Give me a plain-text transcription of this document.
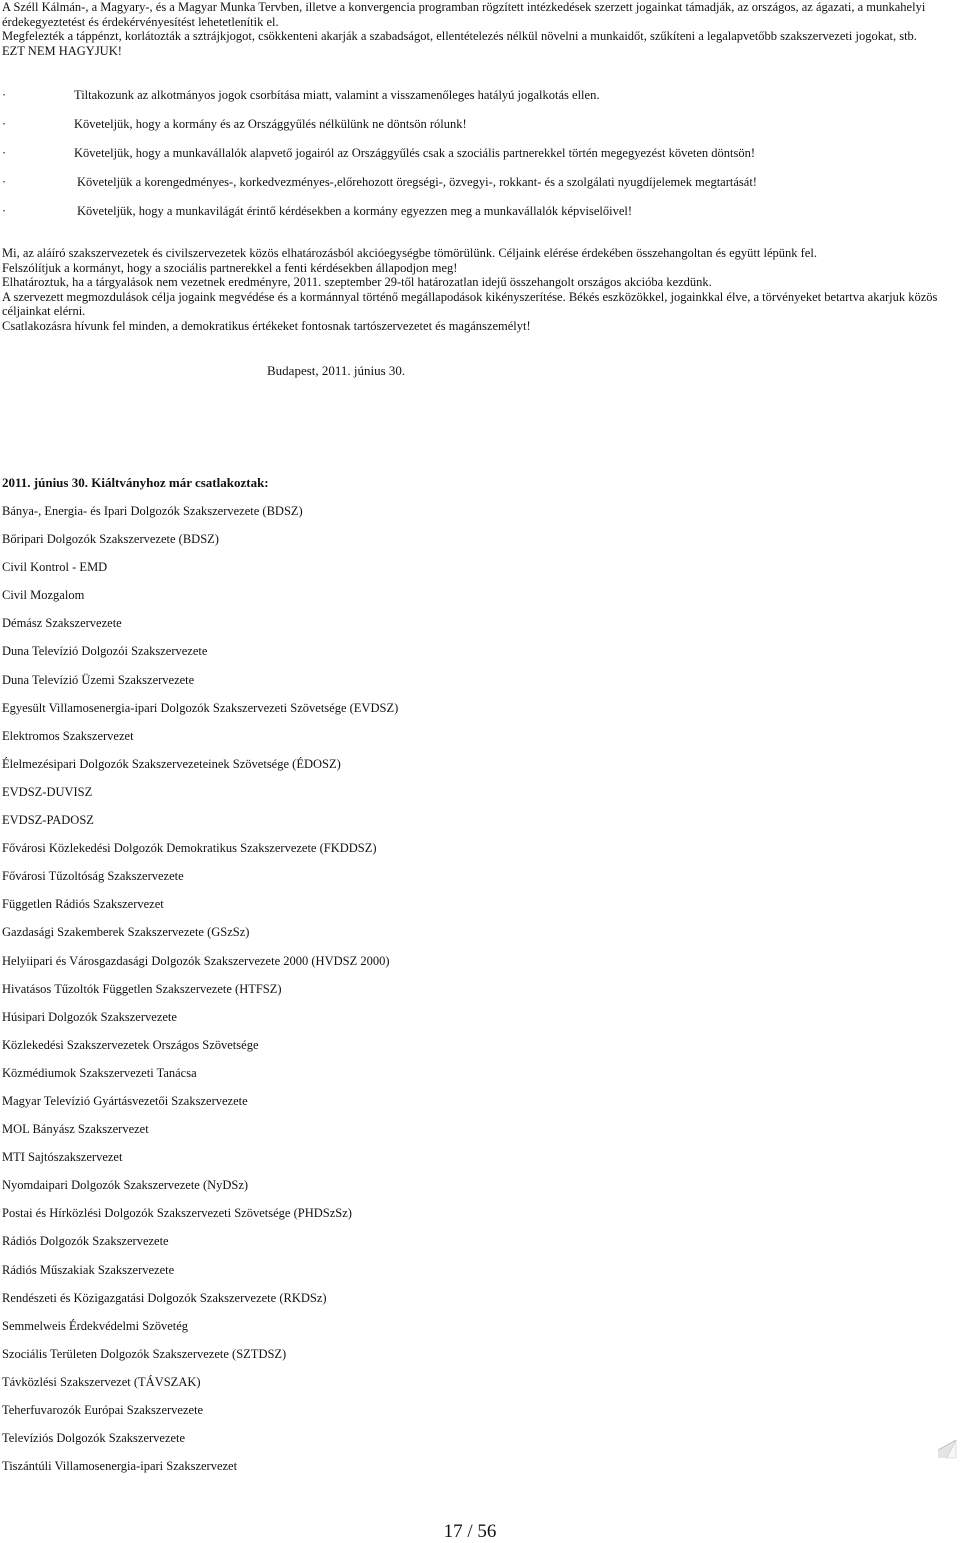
A Széll Kálmán-, a Magyary-, és a Magyar Munka Tervben, illetve a konvergencia programban rögzített intézkedések szerzett jogainkat támadják, az országos, az ágazati, a munkahelyi érdekegyeztetést és érdekérvényesítést lehetetlenítik el.

Megfelezték a táppénzt, korlátozták a sztrájkjogot, csökkenteni akarják a szabadságot, ellentételezés nélkül növelni a munkaidőt, szűkíteni a legalapvetőbb szakszervezeti jogokat, stb.

EZT NEM HAGYJUK!

·	Tiltakozunk az alkotmányos jogok csorbítása miatt, valamint a visszamenőleges hatályú jogalkotás ellen.
·	Követeljük, hogy a kormány és az Országgyűlés nélkülünk ne döntsön rólunk!
·	Követeljük, hogy a munkavállalók alapvető jogairól az Országgyűlés csak a szociális partnerekkel történ megegyezést követen döntsön!
·	Követeljük a korengedményes-, korkedvezményes-,előrehozott öregségi-, özvegyi-, rokkant- és a szolgálati nyugdíjelemek megtartását!
·	Követeljük, hogy a munkavilágát érintő kérdésekben a kormány egyezzen meg a munkavállalók képviselőivel!

Mi, az aláíró szakszervezetek és civilszervezetek közös elhatározásból akcióegységbe tömörülünk. Céljaink elérése érdekében összehangoltan és együtt lépünk fel.

Felszólítjuk a kormányt, hogy a szociális partnerekkel a fenti kérdésekben állapodjon meg!

Elhatároztuk, ha a tárgyalások nem vezetnek eredményre, 2011. szeptember 29-től határozatlan idejű összehangolt országos akcióba kezdünk.

A szervezett megmozdulások célja jogaink megvédése és a kormánnyal történő megállapodások kikényszerítése. Békés eszközökkel, jogainkkal élve, a törvényeket betartva akarjuk közös céljainkat elérni.

Csatlakozásra hívunk fel minden, a demokratikus értékeket fontosnak tartószervezetet és magánszemélyt!

Budapest, 2011. június 30.
2011. június 30. Kiáltványhoz már csatlakoztak:
Bánya-, Energia- és Ipari Dolgozók Szakszervezete (BDSZ)
Bőripari Dolgozók Szakszervezete (BDSZ)
Civil Kontrol - EMD
Civil Mozgalom
Démász Szakszervezete
Duna Televízió Dolgozói Szakszervezete
Duna Televízió Üzemi Szakszervezete
Egyesült Villamosenergia-ipari Dolgozók Szakszervezeti Szövetsége (EVDSZ)
Elektromos Szakszervezet
Élelmezésipari Dolgozók Szakszervezeteinek Szövetsége (ÉDOSZ)
EVDSZ-DUVISZ
EVDSZ-PADOSZ
Fővárosi Közlekedési Dolgozók Demokratikus Szakszervezete (FKDDSZ)
Fővárosi Tűzoltóság Szakszervezete
Független Rádiós Szakszervezet
Gazdasági Szakemberek Szakszervezete (GSzSz)
Helyiipari és Városgazdasági Dolgozók Szakszervezete 2000 (HVDSZ 2000)
Hivatásos Tűzoltók Független Szakszervezete (HTFSZ)
Húsipari Dolgozók Szakszervezete
Közlekedési Szakszervezetek Országos Szövetsége
Közmédiumok Szakszervezeti Tanácsa
Magyar Televízió Gyártásvezetői Szakszervezete
MOL Bányász Szakszervezet
MTI Sajtószakszervezet
Nyomdaipari Dolgozók Szakszervezete (NyDSz)
Postai és Hírközlési Dolgozók Szakszervezeti Szövetsége (PHDSzSz)
Rádiós Dolgozók Szakszervezete
Rádiós Műszakiak Szakszervezete
Rendészeti és Közigazgatási Dolgozók Szakszervezete (RKDSz)
Semmelweis Érdekvédelmi Szövetég
Szociális Területen Dolgozók Szakszervezete (SZTDSZ)
Távközlési Szakszervezet (TÁVSZAK)
Teherfuvarozók Európai Szakszervezete
Televíziós Dolgozók Szakszervezete
Tiszántúli Villamosenergia-ipari Szakszervezet
17 / 56
